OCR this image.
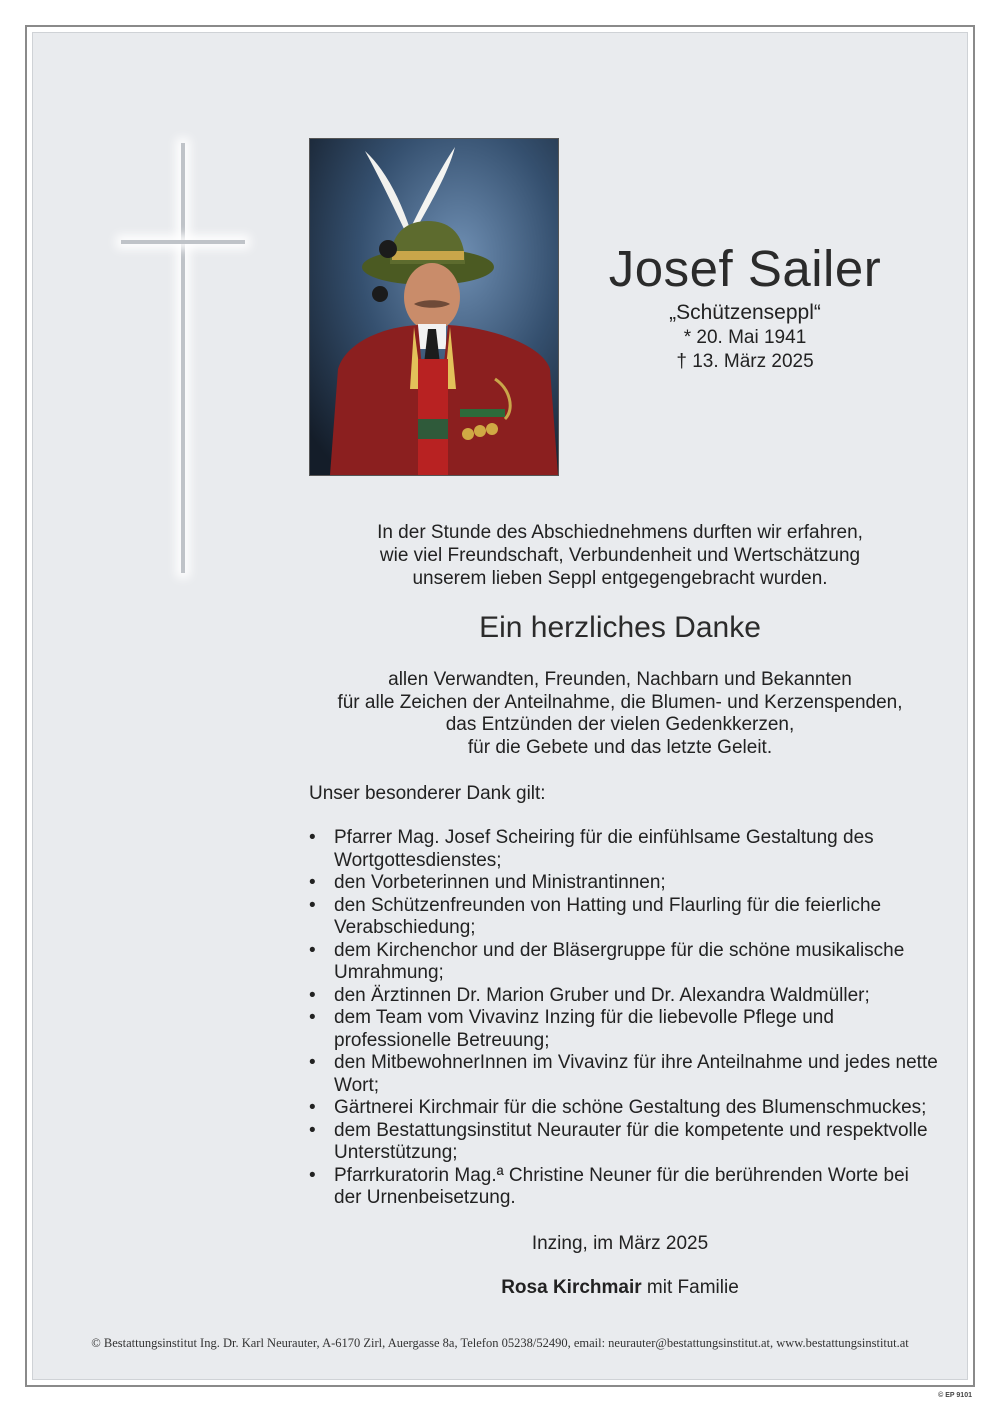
Josef Sailer
„Schützenseppl“
* 20. Mai 1941
† 13. März 2025
In der Stunde des Abschiednehmens durften wir erfahren,
wie viel Freundschaft, Verbundenheit und Wertschätzung
unserem lieben Seppl entgegengebracht wurden.
Ein herzliches Danke
allen Verwandten, Freunden, Nachbarn und Bekannten
für alle Zeichen der Anteilnahme, die Blumen- und Kerzenspenden,
das Entzünden der vielen Gedenkkerzen,
für die Gebete und das letzte Geleit.
Unser besonderer Dank gilt:
• Pfarrer Mag. Josef Scheiring für die einfühlsame Gestaltung des Wortgottesdienstes;
• den Vorbeterinnen und Ministrantinnen;
• den Schützenfreunden von Hatting und Flaurling für die feierliche Verabschiedung;
• dem Kirchenchor und der Bläsergruppe für die schöne musikalische Umrahmung;
• den Ärztinnen Dr. Marion Gruber und Dr. Alexandra Waldmüller;
• dem Team vom Vivavinz Inzing für die liebevolle Pflege und professionelle Betreuung;
• den MitbewohnerInnen im Vivavinz für ihre Anteilnahme und jedes nette Wort;
• Gärtnerei Kirchmair für die schöne Gestaltung des Blumenschmuckes;
• dem Bestattungsinstitut Neurauter für die kompetente und respektvolle Unterstützung;
• Pfarrkuratorin Mag.ª Christine Neuner für die berührenden Worte bei der Urnenbeisetzung.
Inzing, im März 2025
Rosa Kirchmair mit Familie
© Bestattungsinstitut Ing. Dr. Karl Neurauter, A-6170 Zirl, Auergasse 8a, Telefon 05238/52490, email: neurauter@bestattungsinstitut.at, www.bestattungsinstitut.at
© EP 9101
